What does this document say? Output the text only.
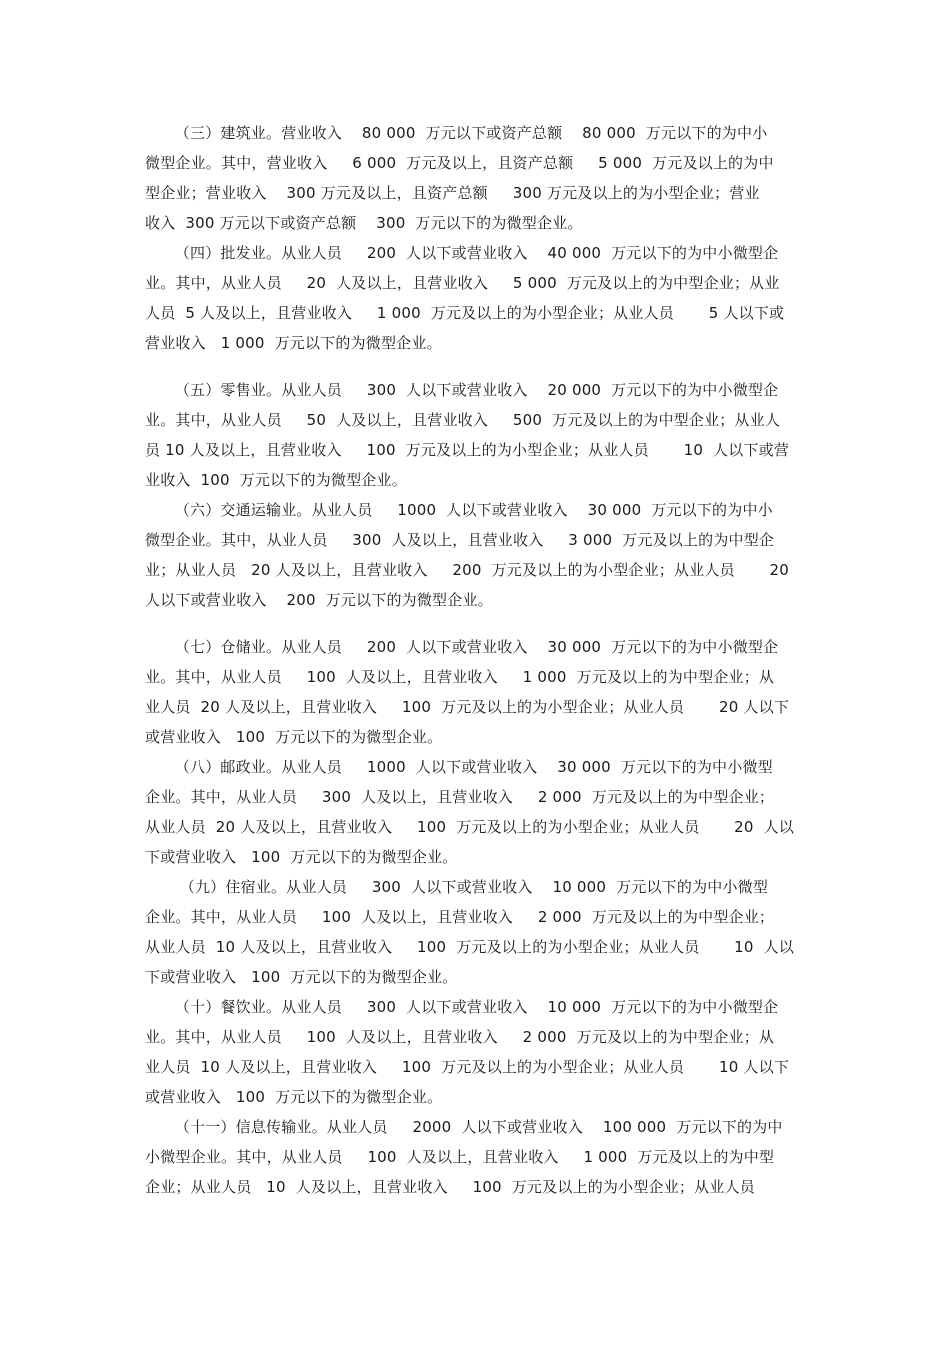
（三）建筑业。营业收入    80 000  万元以下或资产总额    80 000  万元以下的为中小
微型企业。其中，营业收入     6 000  万元及以上，且资产总额     5 000  万元及以上的为中
型企业；营业收入    300 万元及以上，且资产总额     300 万元及以上的为小型企业；营业
收入  300 万元以下或资产总额    300  万元以下的为微型企业。
（四）批发业。从业人员     200  人以下或营业收入    40 000  万元以下的为中小微型企
业。其中，从业人员     20  人及以上，且营业收入     5 000  万元及以上的为中型企业；从业
人员  5 人及以上，且营业收入     1 000  万元及以上的为小型企业；从业人员       5 人以下或
营业收入   1 000  万元以下的为微型企业。
（五）零售业。从业人员     300  人以下或营业收入    20 000  万元以下的为中小微型企
业。其中，从业人员     50  人及以上，且营业收入     500  万元及以上的为中型企业；从业人
员 10 人及以上，且营业收入     100  万元及以上的为小型企业；从业人员       10  人以下或营
业收入  100  万元以下的为微型企业。
（六）交通运输业。从业人员     1000  人以下或营业收入    30 000  万元以下的为中小
微型企业。其中，从业人员     300  人及以上，且营业收入     3 000  万元及以上的为中型企
业；从业人员   20 人及以上，且营业收入     200  万元及以上的为小型企业；从业人员       20
人以下或营业收入    200  万元以下的为微型企业。
（七）仓储业。从业人员     200  人以下或营业收入    30 000  万元以下的为中小微型企
业。其中，从业人员     100  人及以上，且营业收入     1 000  万元及以上的为中型企业；从
业人员  20 人及以上，且营业收入     100  万元及以上的为小型企业；从业人员       20 人以下
或营业收入   100  万元以下的为微型企业。
（八）邮政业。从业人员     1000  人以下或营业收入    30 000  万元以下的为中小微型
企业。其中，从业人员     300  人及以上，且营业收入     2 000  万元及以上的为中型企业；
从业人员  20 人及以上，且营业收入     100  万元及以上的为小型企业；从业人员       20  人以
下或营业收入   100  万元以下的为微型企业。
（九）住宿业。从业人员     300  人以下或营业收入    10 000  万元以下的为中小微型
企业。其中，从业人员     100  人及以上，且营业收入     2 000  万元及以上的为中型企业；
从业人员  10 人及以上，且营业收入     100  万元及以上的为小型企业；从业人员       10  人以
下或营业收入   100  万元以下的为微型企业。
（十）餐饮业。从业人员     300  人以下或营业收入    10 000  万元以下的为中小微型企
业。其中，从业人员     100  人及以上，且营业收入     2 000  万元及以上的为中型企业；从
业人员  10 人及以上，且营业收入     100  万元及以上的为小型企业；从业人员       10 人以下
或营业收入   100  万元以下的为微型企业。
（十一）信息传输业。从业人员     2000  人以下或营业收入    100 000  万元以下的为中
小微型企业。其中，从业人员     100  人及以上，且营业收入     1 000  万元及以上的为中型
企业；从业人员   10  人及以上，且营业收入     100  万元及以上的为小型企业；从业人员
